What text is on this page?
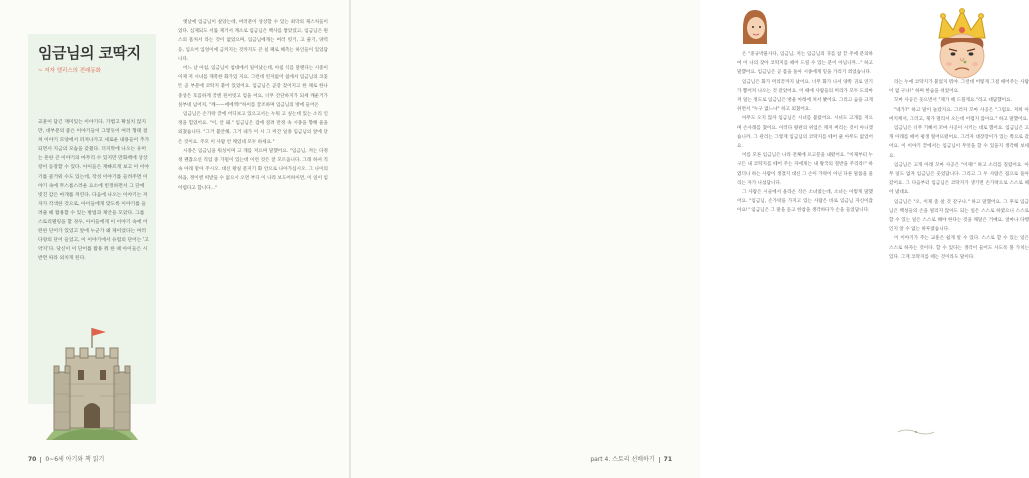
임금님의 코딱지
~ 저자 엘리스의 전래동화

교훈이 담긴 재미있는 이야기다. 가볍고 확실치 않지만, 대부분의 좋은 이야기들이 그렇듯이 여러 형태 걸쳐 이야기 모양에서 퍼져나가고 새로운 내용들이 추가되면서 지금의 모습을 갖췄다. 더지막에 나오는 유머는 흔한 큰 이야기의 마무리 수 있지만 만화책에 상상장이 등장할 수 있다. 아이들은 재빠르게 보고 이 이야기를 즐거워 수도 있는데, 작성 이야기를 들려주면 이야기 속에 무스롭스러운 요소에 빈정하면서 그 단에 빗진 감은 마개를 꺼린다. 다음에 나오는 이야기는 저자가 각색한 것으로, 아이들에게 맞도록 이야기를 들려줄 때 활용할 수 있는 방법과 제안을 모았다. 그를 스토리텔링을 할 경우, 아이들에게 이 이야기 속에 어떤한 단어가 있었고 앞에 누군가 왜 제이었다는 여러 다양의 단어 들었고, 이 이야기에서 유럽의 단어는 '고약지'다. 당신이 이 단어를 활용 뭐 한 때 아이들은 시 반면 따라 외치게 된다.

옛날에 임금님이 살았는데, 여러분이 상상할 수 있는 최악의 제스처들이었다. 심제되도 서툴 제거서 계소로 임금님은 백사를 쌓았었고, 임금님은 원스의 흠처서 라는 것이 없었으며, 임금님에게는 여러 빗기, 고 줄기, 양역 등, 입으어 입엉이에 금커지는 것까지도 큰 실 패로 혜측는 하인들이 있었답니다.

어느 날 아침, 임금님이 침대에서 일어났는데, 아침 식를 달랜다는 시중이 이제 저 시녀를 재촉한 화가있 지요. 그런데 빈자없어 침에서 임금님의 코꽂뜬 곧 부분에 코딱지 붙어 있었어요. 임금님은 곧장 젖어지고 한 채로 한나 중상은 호를하게 궁엔 된어빗고 엄을 어요, 너무 간단하지가 되세 깨운거가 싶부네 넘어져, "깨——에에엑!"하이를 끌조하며 임금님의 방에 들어온

임금님은 손가락 끝에 어디보고 있으고서는 누워 고 싶는데 있는 소리 인정을 힘었어요. "이, 안 돼." 임금님은 겁에 질려 만정 속 시종을 향해 울을 외쳤습니다. "그거 불안해, 그거 내가 이 시 그 미간 일종 임금님의 앞에 닫은 것이요. 주모 이 사람 안 깨었네 모두 하세요."

시종은 임금님을 워싱이며 고 개를 저으며 말했어요. "임금님, 저는 다정정 괜찮으신 직업 중 가밀이 있는데 이런 것은 잘 모르옵니다. 그래 하셔 직속 아래 맡아 주시오. 대신 왕실 문지기 화 안으로 나아가십시오. 그 나이의 하옵, 정이엔 떠받들 수 없으시 오면 부디 이 나라 보도어하이면, 이 일이 임어렵다고 합니다..."

70 0~6세 아기와 책 읽기

은 "중규박물사다, 임금님, 저는 임금님의 귀를 참 끝 주에 분의하여 이 나의 찾아 코딱지를 떼어 드릴 수 있는 분이 아닙니까..." 하고 말했어요. 임금님은 곧 몸을 돌아 시종에게 밑을 가리기 씌었습니다.

임금님은 화가 머리끝까지 났어요. 너무 화가 나서 양쪽 귀로 연기가 뿜어져 나오는 것 같았어요. 이 때에 사람들의 머리가 모두 도의마저 얼는 정도로 임금님은 방울 아래에 쳐서 봤어요. 그리고 숨을 크게 쉬면서 "누구 없느냐" 하고 외쳤어요.

아무도 오지 않자 임금님은 시녀를 불렀어요. 시녀도 고개를 저으며 손사래를 쳤어요. 이러다 왕관의 위엄은 깨져 버리는 것이 아니겠습니까. 그 관리는 그렇게 임금님의 코딱지를 떼어 줄 아무도 없었어요.

이름 모른 임금님은 나라 전체에 포고문을 내렸어요. "이제부터 누구든 내 코딱지를 떼어 주는 자에게는 내 왕국의 절반을 주리라!" 하였더니 하는 사람이 생겼지 대신 그 손이 가락이 아닌 다른 말씀을 올리는 자가 나섰답니다.

그 사람은 시골에서 올라온 작은 소녀였는데, 소녀는 이렇게 말했어요. "임금님, 손가락을 가지고 있는 사람은 바로 임금님 자신이잖아요!" 임금님은 그 말을 듣고 한참을 생각하다가 손을 들었답니다.

라는 누에 코딱지가 붙었지 뭐야. 그런데 어떻게 그걸 떼어주는 사람이 없 구나!" 하며 한숨을 쉬었어요.

꼬마 사공은 웃으면서 "제가 떼 드릴게요."라고 대답했어요.

"네가?" 하고 말이 놀랐지요. 그러자 꼬마 사공은 "그럼요. 저희 아버지께서, 그러고, 제가 멀리서 오는데 어렵지 않아요." 하고 말했어요.

임금님은 너무 기뻐서 꼬마 사공이 시키는 대로 했어요. 임금님은 고개 아래를 떼어 평생 떨어뜨렸어요. 그러자 대장장이가 있는 쪽으로 갔어요. 이 이야기 끝에서는 임금님이 무엇을 할 수 있을지 생각해 보세요.

임금님은 고개 아래 꼬마 사공은 "이제!" 하고 소리를 질렀어요. 아무 일도 없자 임금님은 웃었답니다. 그리고 그 두 사람은 집으로 돌아갔어요. 그 다음부터 임금님은 코딱지가 생기면 손가락으로 스스로 떼어 냈대요.

임금님은 "오, 이제 좀 살 것 같구나." 하고 말했어요. 그 후로 임금님은 백성들의 손을 빌리지 않아도 되는 일은 스스로 하였으니 스스로 할 수 있는 일은 스스로 해야 한다는 것을 깨달은 거예요. 얼마나 다행인지 알 수 없는 하루였습니다.

이 이야기가 주는 교훈은 쉽게 알 수 있다. 스스로 할 수 있는 일은 스스로 하자는 것이다. 할 수 있다는 생각이 들어도 사도록 볼 가치는 있다. 그게 코딱지를 떼는 것이라도 말이다.

part 4. 스토리 선배하기 71
